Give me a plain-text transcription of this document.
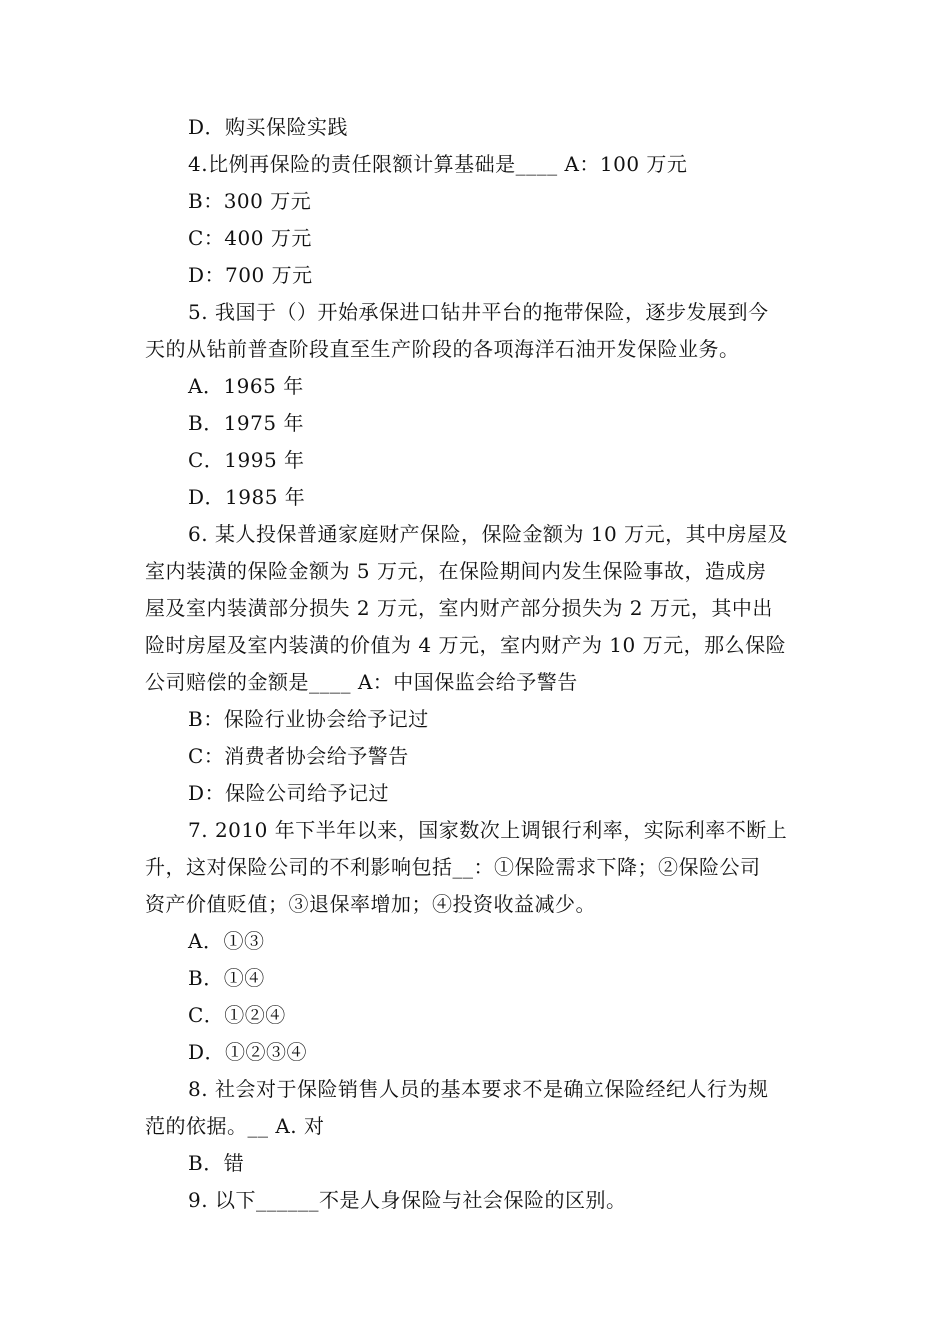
D．购买保险实践
4.比例再保险的责任限额计算基础是____ A：100 万元
B：300 万元
C：400 万元
D：700 万元
5. 我国于（）开始承保进口钻井平台的拖带保险，逐步发展到今
天的从钻前普查阶段直至生产阶段的各项海洋石油开发保险业务。
A．1965 年
B．1975 年
C．1995 年
D．1985 年
6. 某人投保普通家庭财产保险，保险金额为 10 万元，其中房屋及
室内装潢的保险金额为 5 万元，在保险期间内发生保险事故，造成房
屋及室内装潢部分损失 2 万元，室内财产部分损失为 2 万元，其中出
险时房屋及室内装潢的价值为 4 万元，室内财产为 10 万元，那么保险
公司赔偿的金额是____ A：中国保监会给予警告
B：保险行业协会给予记过
C：消费者协会给予警告
D：保险公司给予记过
7. 2010 年下半年以来，国家数次上调银行利率，实际利率不断上
升，这对保险公司的不利影响包括__：①保险需求下降；②保险公司
资产价值贬值；③退保率增加；④投资收益减少。
A．①③
B．①④
C．①②④
D．①②③④
8. 社会对于保险销售人员的基本要求不是确立保险经纪人行为规
范的依据。__ A. 对
B．错
9. 以下______不是人身保险与社会保险的区别。
